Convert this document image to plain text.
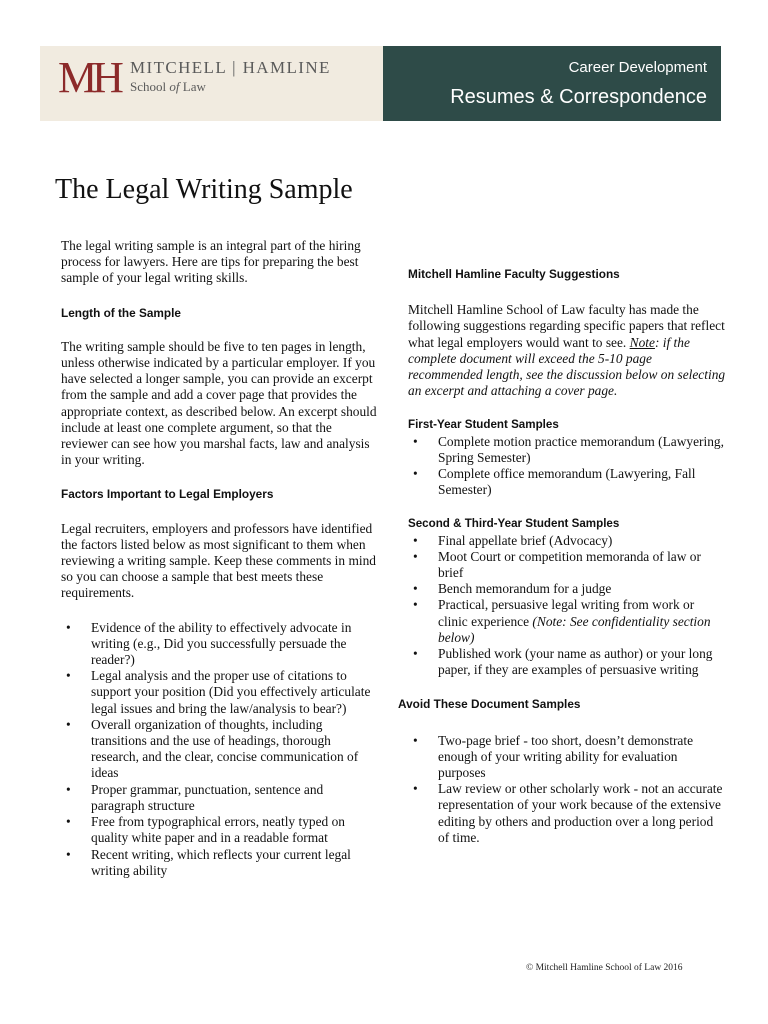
MH MITCHELL | HAMLINE
School of Law
Career Development
Resumes & Correspondence
The Legal Writing Sample

The legal writing sample is an integral part of the hiring process for lawyers. Here are tips for preparing the best sample of your legal writing skills.

Length of the Sample

The writing sample should be five to ten pages in length, unless otherwise indicated by a particular employer. If you have selected a longer sample, you can provide an excerpt from the sample and add a cover page that provides the appropriate context, as described below. An excerpt should include at least one complete argument, so that the reviewer can see how you marshal facts, law and analysis in your writing.

Factors Important to Legal Employers

Legal recruiters, employers and professors have identified the factors listed below as most significant to them when reviewing a writing sample. Keep these comments in mind so you can choose a sample that best meets these requirements.

• Evidence of the ability to effectively advocate in writing (e.g., Did you successfully persuade the reader?)
• Legal analysis and the proper use of citations to support your position (Did you effectively articulate legal issues and bring the law/analysis to bear?)
• Overall organization of thoughts, including transitions and the use of headings, thorough research, and the clear, concise communication of ideas
• Proper grammar, punctuation, sentence and paragraph structure
• Free from typographical errors, neatly typed on quality white paper and in a readable format
• Recent writing, which reflects your current legal writing ability

Mitchell Hamline Faculty Suggestions

Mitchell Hamline School of Law faculty has made the following suggestions regarding specific papers that reflect what legal employers would want to see. Note: if the complete document will exceed the 5-10 page recommended length, see the discussion below on selecting an excerpt and attaching a cover page.

First-Year Student Samples

• Complete motion practice memorandum (Lawyering, Spring Semester)
• Complete office memorandum (Lawyering, Fall Semester)

Second & Third-Year Student Samples

• Final appellate brief (Advocacy)
• Moot Court or competition memoranda of law or brief
• Bench memorandum for a judge
• Practical, persuasive legal writing from work or clinic experience (Note: See confidentiality section below)
• Published work (your name as author) or your long paper, if they are examples of persuasive writing

Avoid These Document Samples

• Two-page brief - too short, doesn’t demonstrate enough of your writing ability for evaluation purposes
• Law review or other scholarly work - not an accurate representation of your work because of the extensive editing by others and production over a long period of time.
© Mitchell Hamline School of Law 2016
